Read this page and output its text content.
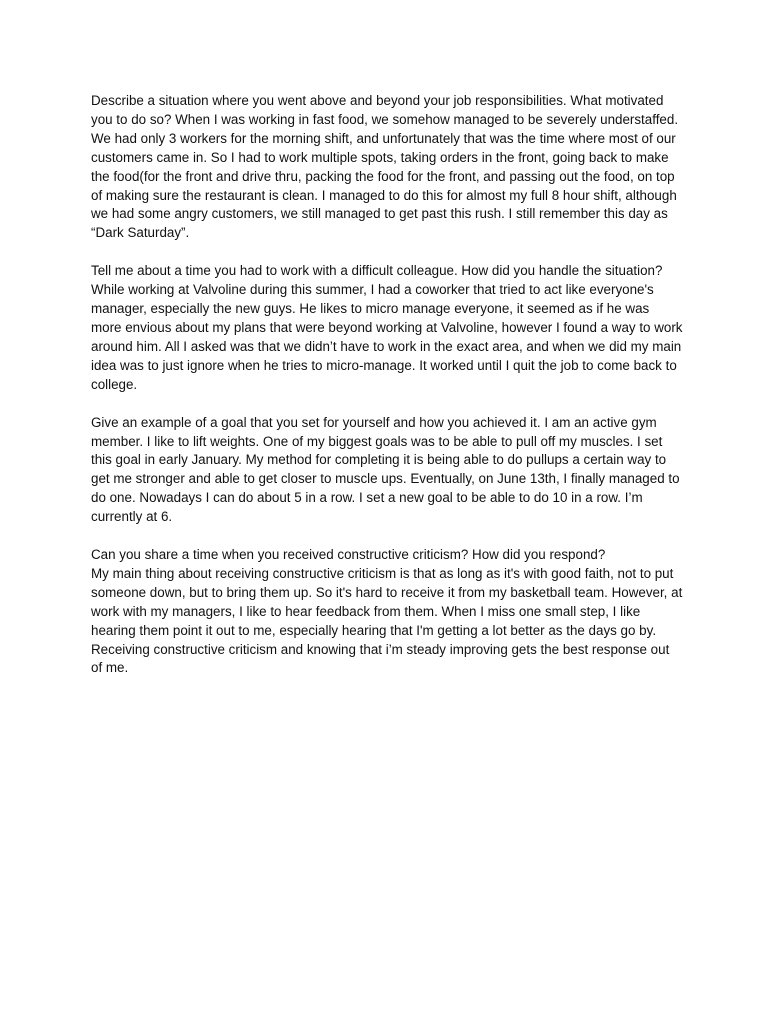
Describe a situation where you went above and beyond your job responsibilities. What motivated you to do so? When I was working in fast food, we somehow managed to be severely understaffed. We had only 3 workers for the morning shift, and unfortunately that was the time where most of our customers came in. So I had to work multiple spots, taking orders in the front, going back to make the food(for the front and drive thru, packing the food for the front, and passing out the food, on top of making sure the restaurant is clean. I managed to do this for almost my full 8 hour shift, although we had some angry customers, we still managed to get past this rush. I still remember this day as “Dark Saturday”.

Tell me about a time you had to work with a difficult colleague. How did you handle the situation? While working at Valvoline during this summer, I had a coworker that tried to act like everyone's manager, especially the new guys. He likes to micro manage everyone, it seemed as if he was more envious about my plans that were beyond working at Valvoline, however I found a way to work around him. All I asked was that we didn’t have to work in the exact area, and when we did my main idea was to just ignore when he tries to micro-manage. It worked until I quit the job to come back to college.

Give an example of a goal that you set for yourself and how you achieved it. I am an active gym member. I like to lift weights. One of my biggest goals was to be able to pull off my muscles. I set this goal in early January. My method for completing it is being able to do pullups a certain way to get me stronger and able to get closer to muscle ups. Eventually, on June 13th, I finally managed to do one. Nowadays I can do about 5 in a row. I set a new goal to be able to do 10 in a row. I’m currently at 6.

Can you share a time when you received constructive criticism? How did you respond?
My main thing about receiving constructive criticism is that as long as it's with good faith, not to put someone down, but to bring them up. So it's hard to receive it from my basketball team. However, at work with my managers, I like to hear feedback from them. When I miss one small step, I like hearing them point it out to me, especially hearing that I'm getting a lot better as the days go by. Receiving constructive criticism and knowing that i’m steady improving gets the best response out of me.
